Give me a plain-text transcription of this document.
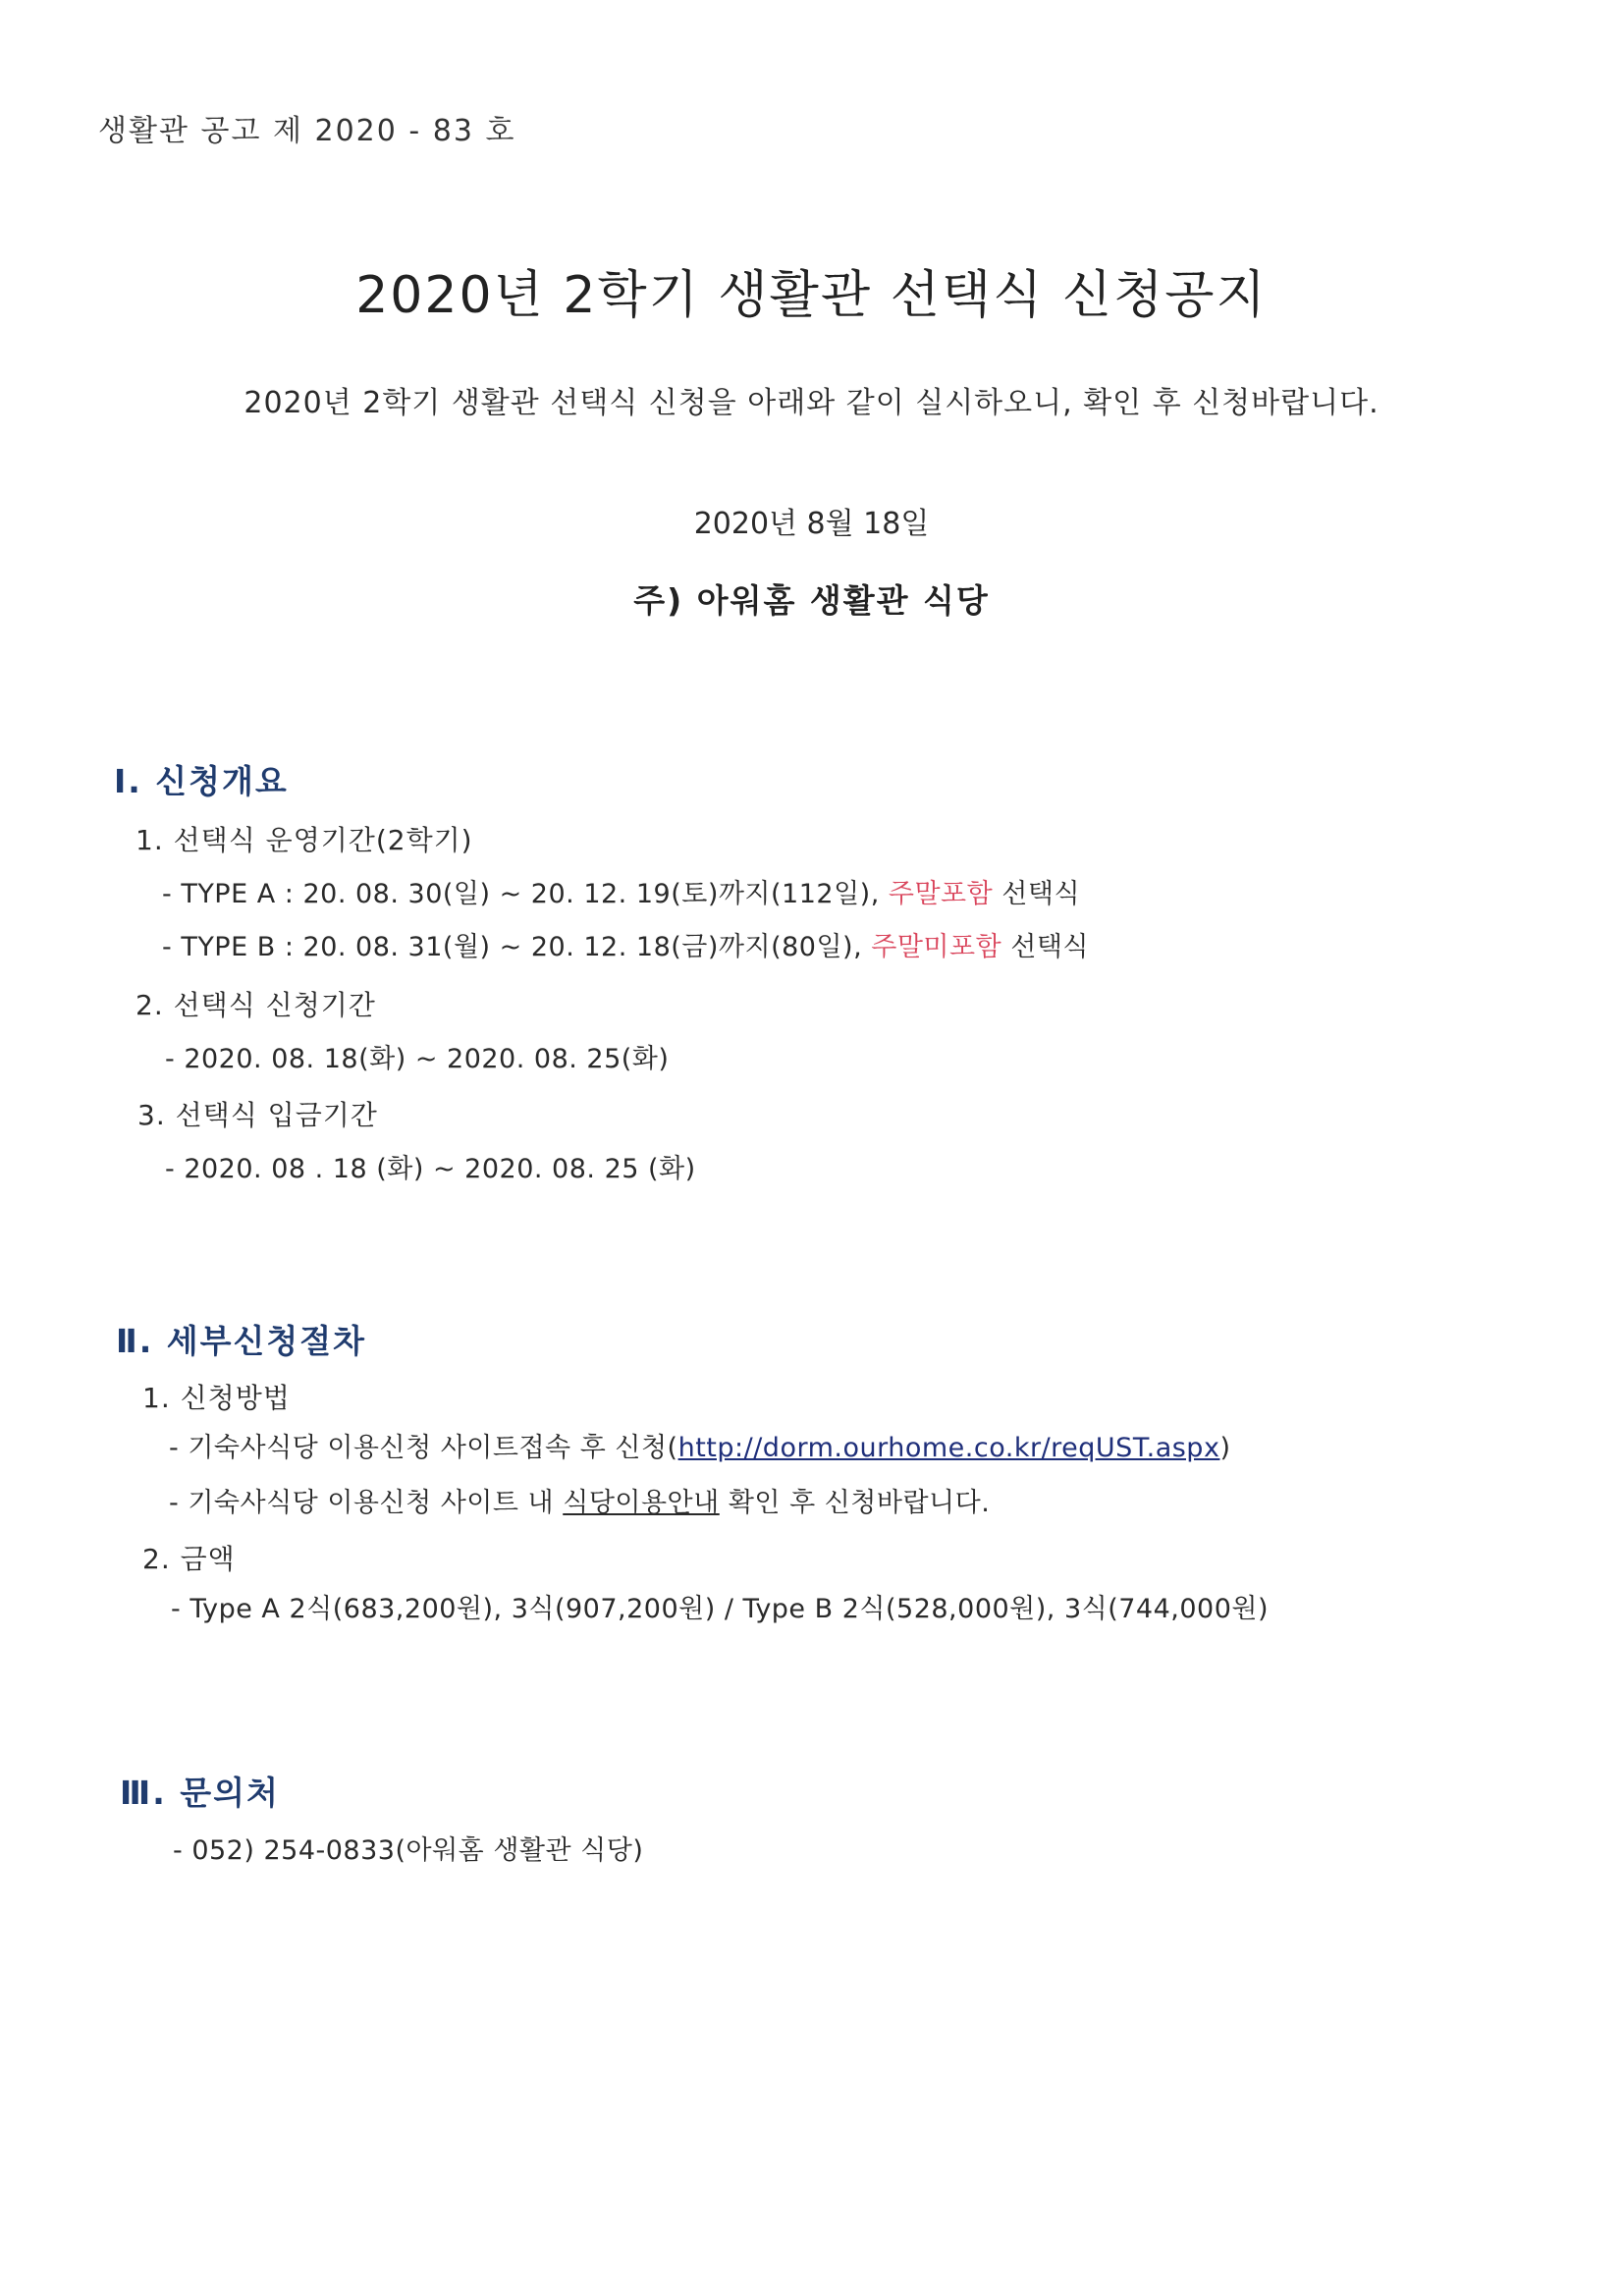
생활관 공고 제 2020 - 83 호
2020년 2학기 생활관 선택식 신청공지
2020년 2학기 생활관 선택식 신청을 아래와 같이 실시하오니, 확인 후 신청바랍니다.
2020년 8월 18일
주) 아워홈 생활관 식당
Ⅰ. 신청개요
1. 선택식 운영기간(2학기)
- TYPE A : 20. 08. 30(일) ~ 20. 12. 19(토)까지(112일), 주말포함 선택식
- TYPE B : 20. 08. 31(월) ~ 20. 12. 18(금)까지(80일), 주말미포함 선택식
2. 선택식 신청기간
- 2020. 08. 18(화) ~ 2020. 08. 25(화)
3. 선택식 입금기간
- 2020. 08 . 18 (화) ~ 2020. 08. 25 (화)
Ⅱ. 세부신청절차
1. 신청방법
- 기숙사식당 이용신청 사이트접속 후 신청(http://dorm.ourhome.co.kr/reqUST.aspx)
- 기숙사식당 이용신청 사이트 내 식당이용안내 확인 후 신청바랍니다.
2. 금액
- Type A 2식(683,200원), 3식(907,200원) / Type B 2식(528,000원), 3식(744,000원)
Ⅲ. 문의처
- 052) 254-0833(아워홈 생활관 식당)
